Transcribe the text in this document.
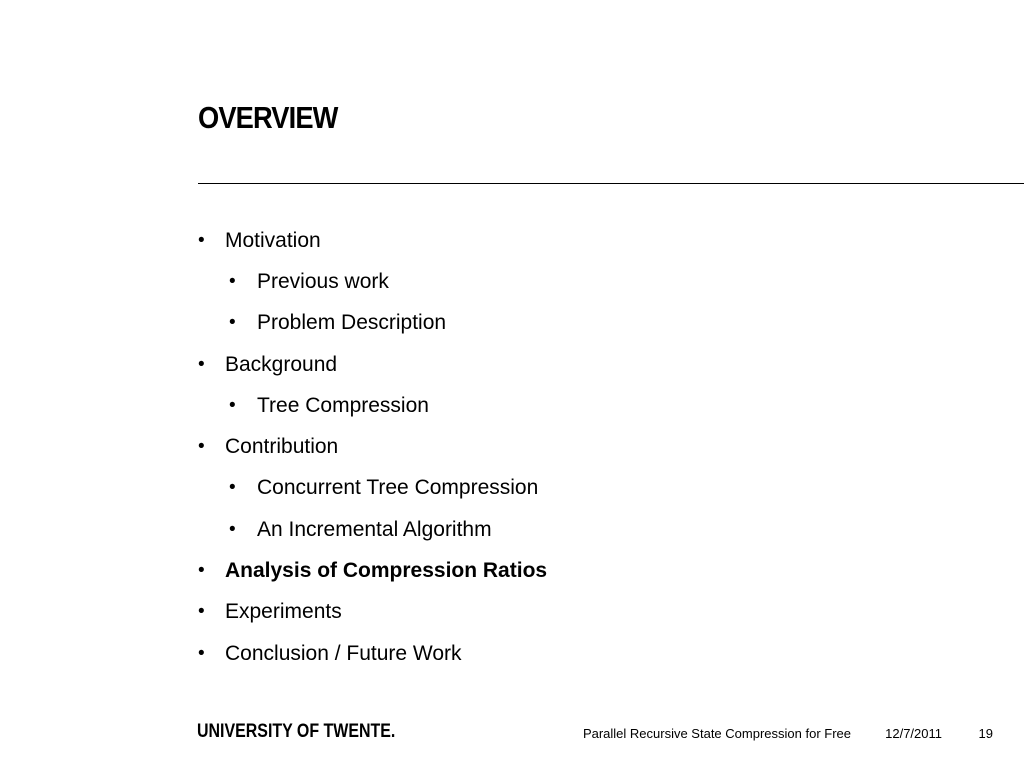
OVERVIEW
• Motivation
•	Previous work
•	Problem Description
• Background
•	Tree Compression
• Contribution
•	Concurrent Tree Compression
•	An Incremental Algorithm
• Analysis of Compression Ratios
• Experiments
• Conclusion / Future Work
UNIVERSITY OF TWENTE.	Parallel Recursive State Compression for Free	12/7/2011	19
